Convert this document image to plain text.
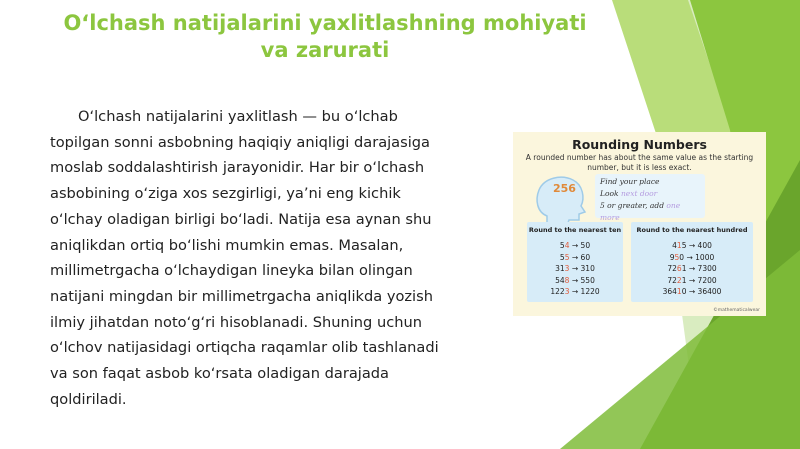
O‘lchash natijalarini yaxlitlashning mohiyati
va zarurati

O‘lchash natijalarini yaxlitlash — bu o‘lchab topilgan sonni asbobning haqiqiy aniqligi darajasiga moslab soddalashtirish jarayonidir. Har bir o‘lchash asbobining o‘ziga xos sezgirligi, ya’ni eng kichik o‘lchay oladigan birligi bo‘ladi. Natija esa aynan shu aniqlikdan ortiq bo‘lishi mumkin emas. Masalan, millimetrgacha o‘lchaydigan lineyka bilan olingan natijani mingdan bir millimetrgacha aniqlikda yozish ilmiy jihatdan noto‘g‘ri hisoblanadi. Shuning uchun o‘lchov natijasidagi ortiqcha raqamlar olib tashlanadi va son faqat asbob ko‘rsata oladigan darajada qoldiriladi.

Rounding Numbers
A rounded number has about the same value as the starting number, but it is less exact.
256
Find your place
Look next door
5 or greater, add one more
Round to the nearest ten
54 → 50
55 → 60
313 → 310
548 → 550
1223 → 1220
Round to the nearest hundred
415 → 400
950 → 1000
7261 → 7300
7221 → 7200
36410 → 36400
©mathematicalwear
